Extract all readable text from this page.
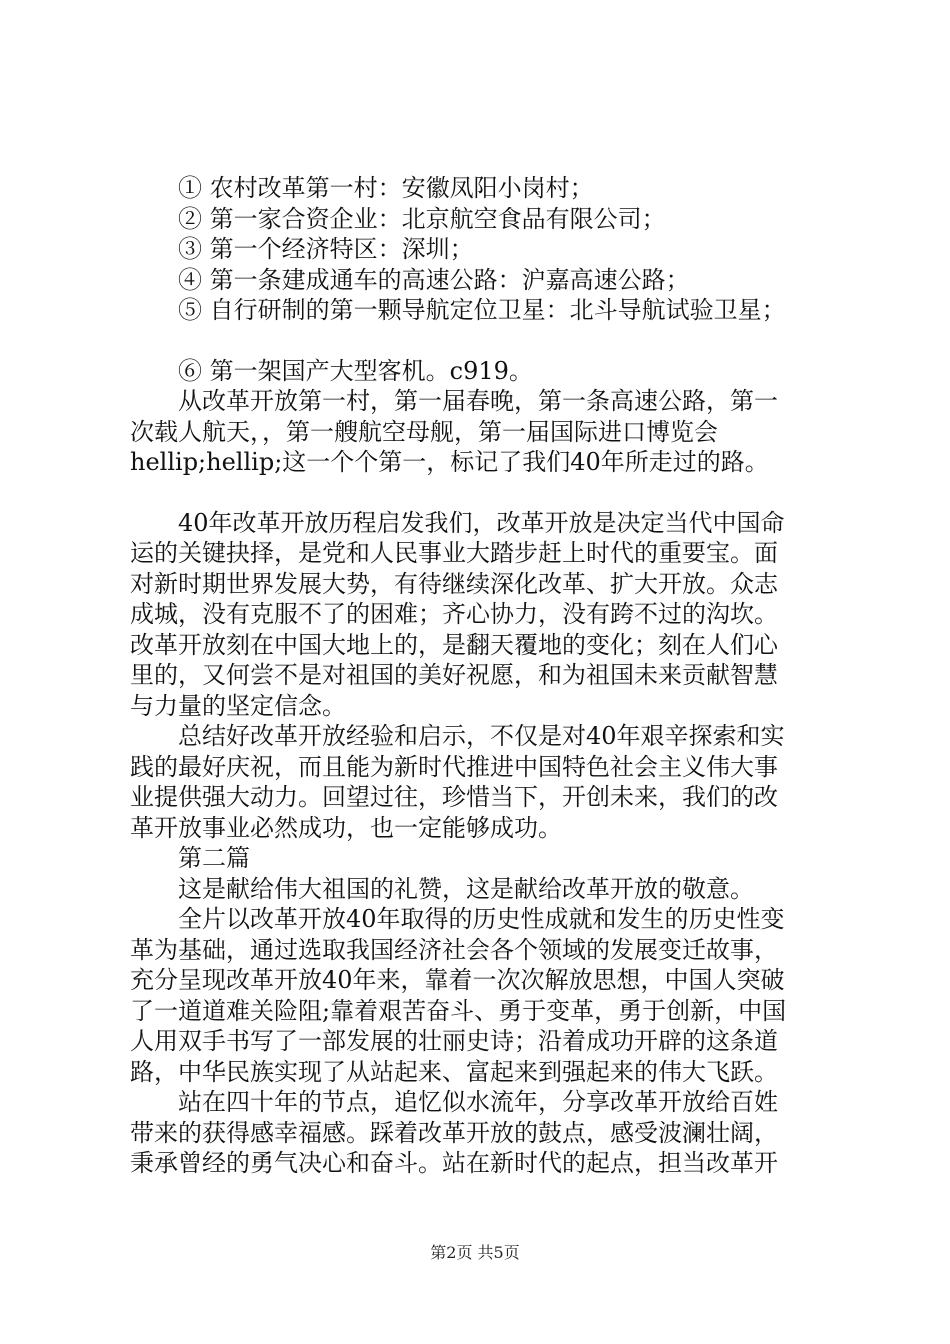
① 农村改革第一村：安徽凤阳小岗村；

② 第一家合资企业：北京航空食品有限公司；

③ 第一个经济特区：深圳；

④ 第一条建成通车的高速公路：沪嘉高速公路；

⑤ 自行研制的第一颗导航定位卫星：北斗导航试验卫星；

⑥ 第一架国产大型客机。c919。

从改革开放第一村，第一届春晚，第一条高速公路，第一

次载人航天，，第一艘航空母舰，第一届国际进口博览会

hellip;hellip;这一个个第一，标记了我们40年所走过的路。

40年改革开放历程启发我们，改革开放是决定当代中国命

运的关键抉择，是党和人民事业大踏步赶上时代的重要宝。面

对新时期世界发展大势，有待继续深化改革、扩大开放。众志

成城，没有克服不了的困难；齐心协力，没有跨不过的沟坎。

改革开放刻在中国大地上的，是翻天覆地的变化；刻在人们心

里的，又何尝不是对祖国的美好祝愿，和为祖国未来贡献智慧

与力量的坚定信念。

总结好改革开放经验和启示，不仅是对40年艰辛探索和实

践的最好庆祝，而且能为新时代推进中国特色社会主义伟大事

业提供强大动力。回望过往，珍惜当下，开创未来，我们的改

革开放事业必然成功，也一定能够成功。

第二篇

这是献给伟大祖国的礼赞，这是献给改革开放的敬意。

全片以改革开放40年取得的历史性成就和发生的历史性变

革为基础，通过选取我国经济社会各个领域的发展变迁故事，

充分呈现改革开放40年来，靠着一次次解放思想，中国人突破

了一道道难关险阻;靠着艰苦奋斗、勇于变革，勇于创新，中国

人用双手书写了一部发展的壮丽史诗；沿着成功开辟的这条道

路，中华民族实现了从站起来、富起来到强起来的伟大飞跃。

站在四十年的节点，追忆似水流年，分享改革开放给百姓

带来的获得感幸福感。踩着改革开放的鼓点，感受波澜壮阔，

秉承曾经的勇气决心和奋斗。站在新时代的起点，担当改革开

第2页 共5页
